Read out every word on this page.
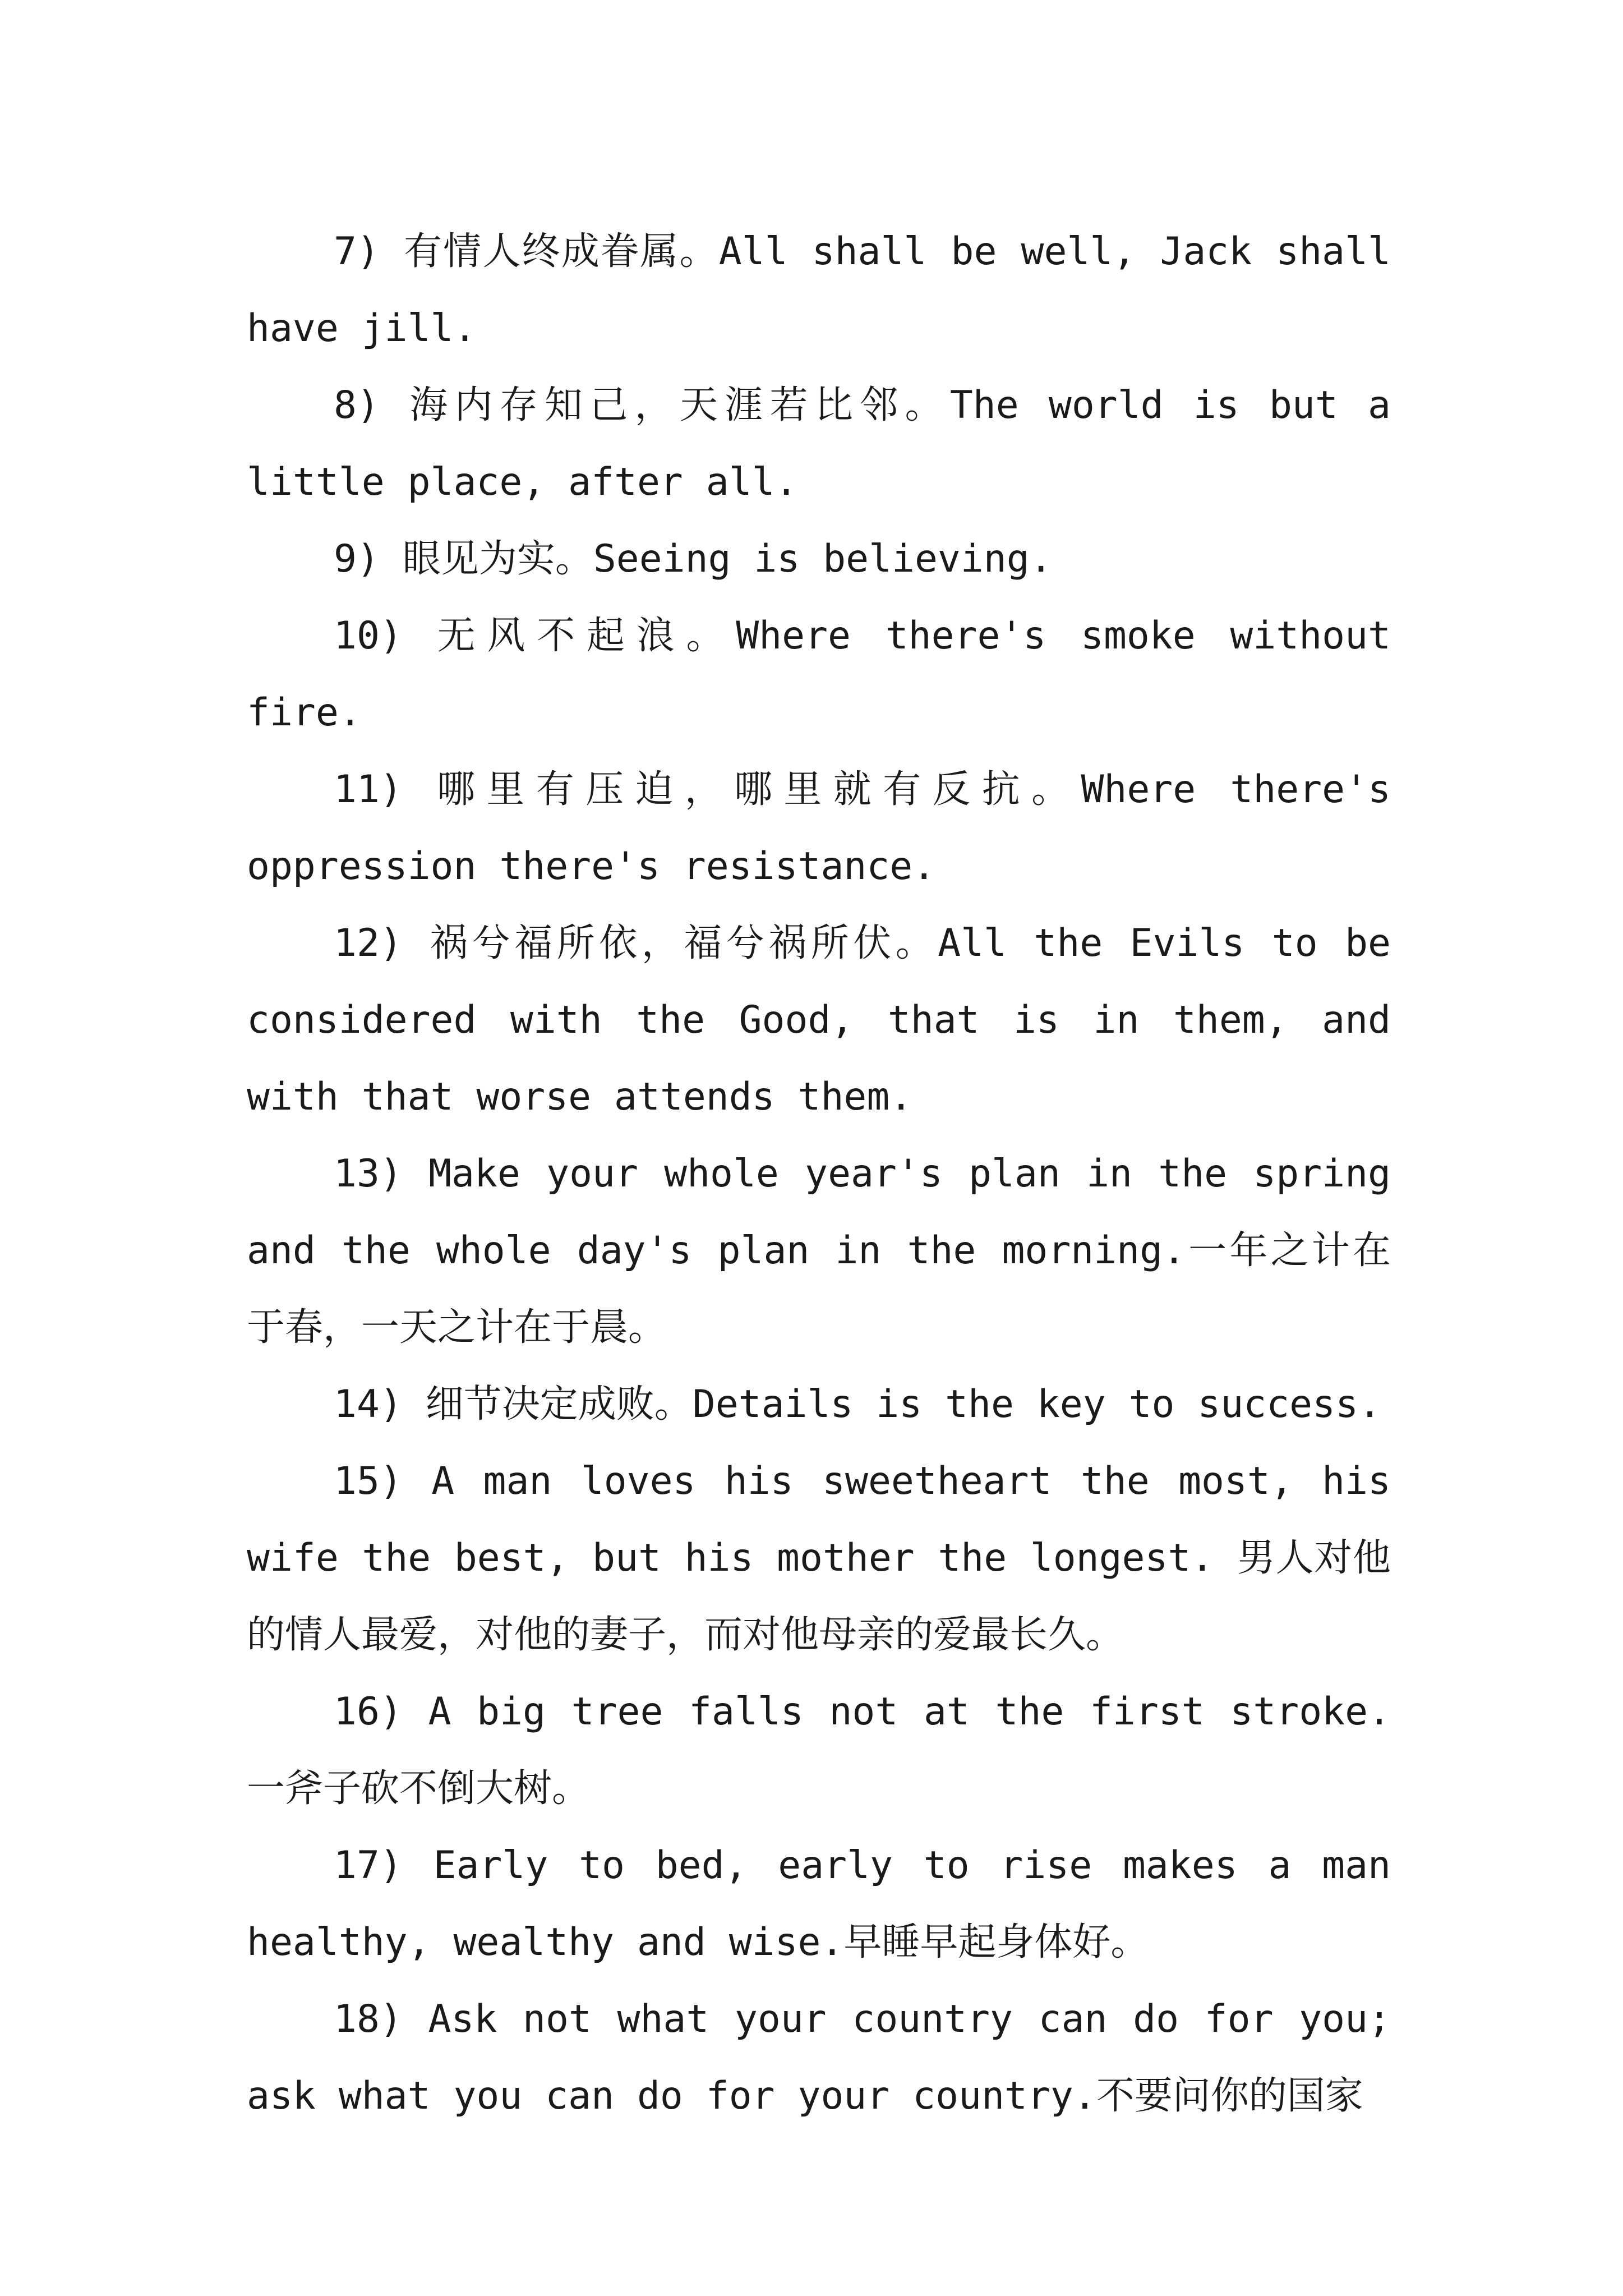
7) 有情人终成眷属。All shall be well, Jack shall have jill.

8) 海内存知己，天涯若比邻。The world is but a little place, after all.

9) 眼见为实。Seeing is believing.

10) 无风不起浪。Where there's smoke without fire.

11) 哪里有压迫，哪里就有反抗。Where there's oppression there's resistance.

12) 祸兮福所依，福兮祸所伏。All the Evils to be considered with the Good, that is in them, and with that worse attends them.

13) Make your whole year's plan in the spring and the whole day's plan in the morning.一年之计在于春，一天之计在于晨。

14) 细节决定成败。Details is the key to success.

15) A man loves his sweetheart the most, his wife the best, but his mother the longest. 男人对他的情人最爱，对他的妻子，而对他母亲的爱最长久。

16) A big tree falls not at the first stroke. 一斧子砍不倒大树。

17) Early to bed, early to rise makes a man healthy, wealthy and wise.早睡早起身体好。

18) Ask not what your country can do for you; ask what you can do for your country.不要问你的国家
